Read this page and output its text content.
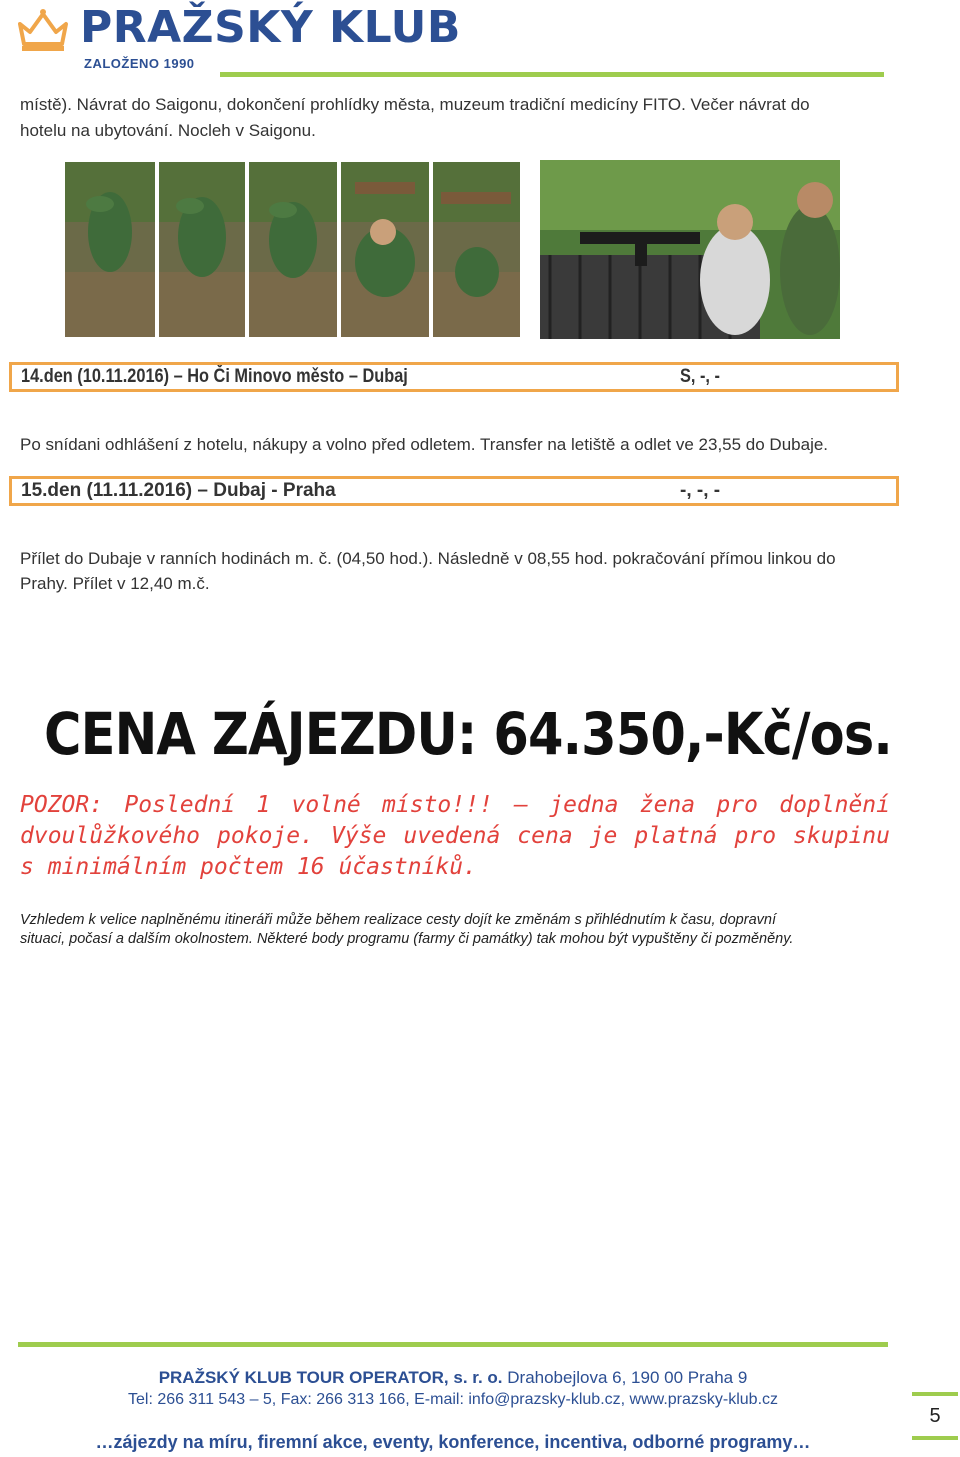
PRAŽSKÝ KLUB
ZALOŽENO 1990
místě). Návrat do Saigonu, dokončení prohlídky města, muzeum tradiční medicíny FITO. Večer návrat do
hotelu na ubytování. Nocleh v Saigonu.
14.den (10.11.2016) – Ho Či Minovo město – Dubaj	S, -, -
Po snídani odhlášení z hotelu, nákupy a volno před odletem. Transfer na letiště a odlet ve 23,55 do Dubaje.
15.den (11.11.2016) – Dubaj - Praha	-, -, -
Přílet do Dubaje v ranních hodinách m. č. (04,50 hod.). Následně v 08,55 hod. pokračování přímou linkou do
Prahy. Přílet v 12,40 m.č.
CENA ZÁJEZDU: 64.350,-Kč/os.
POZOR: Poslední 1 volné místo!!! – jedna žena pro doplnění dvoulůžkového pokoje. Výše uvedená cena je platná pro skupinu s minimálním počtem 16 účastníků.
Vzhledem k velice naplněnému itineráři může během realizace cesty dojít ke změnám s přihlédnutím k času, dopravní
situaci, počasí a dalším okolnostem. Některé body programu (farmy či památky) tak mohou být vypuštěny či pozměněny.
PRAŽSKÝ KLUB TOUR OPERATOR, s. r. o. Drahobejlova 6, 190 00 Praha 9
Tel: 266 311 543 – 5, Fax: 266 313 166, E-mail: info@prazsky-klub.cz, www.prazsky-klub.cz
…zájezdy na míru, firemní akce, eventy, konference, incentiva, odborné programy…
5
